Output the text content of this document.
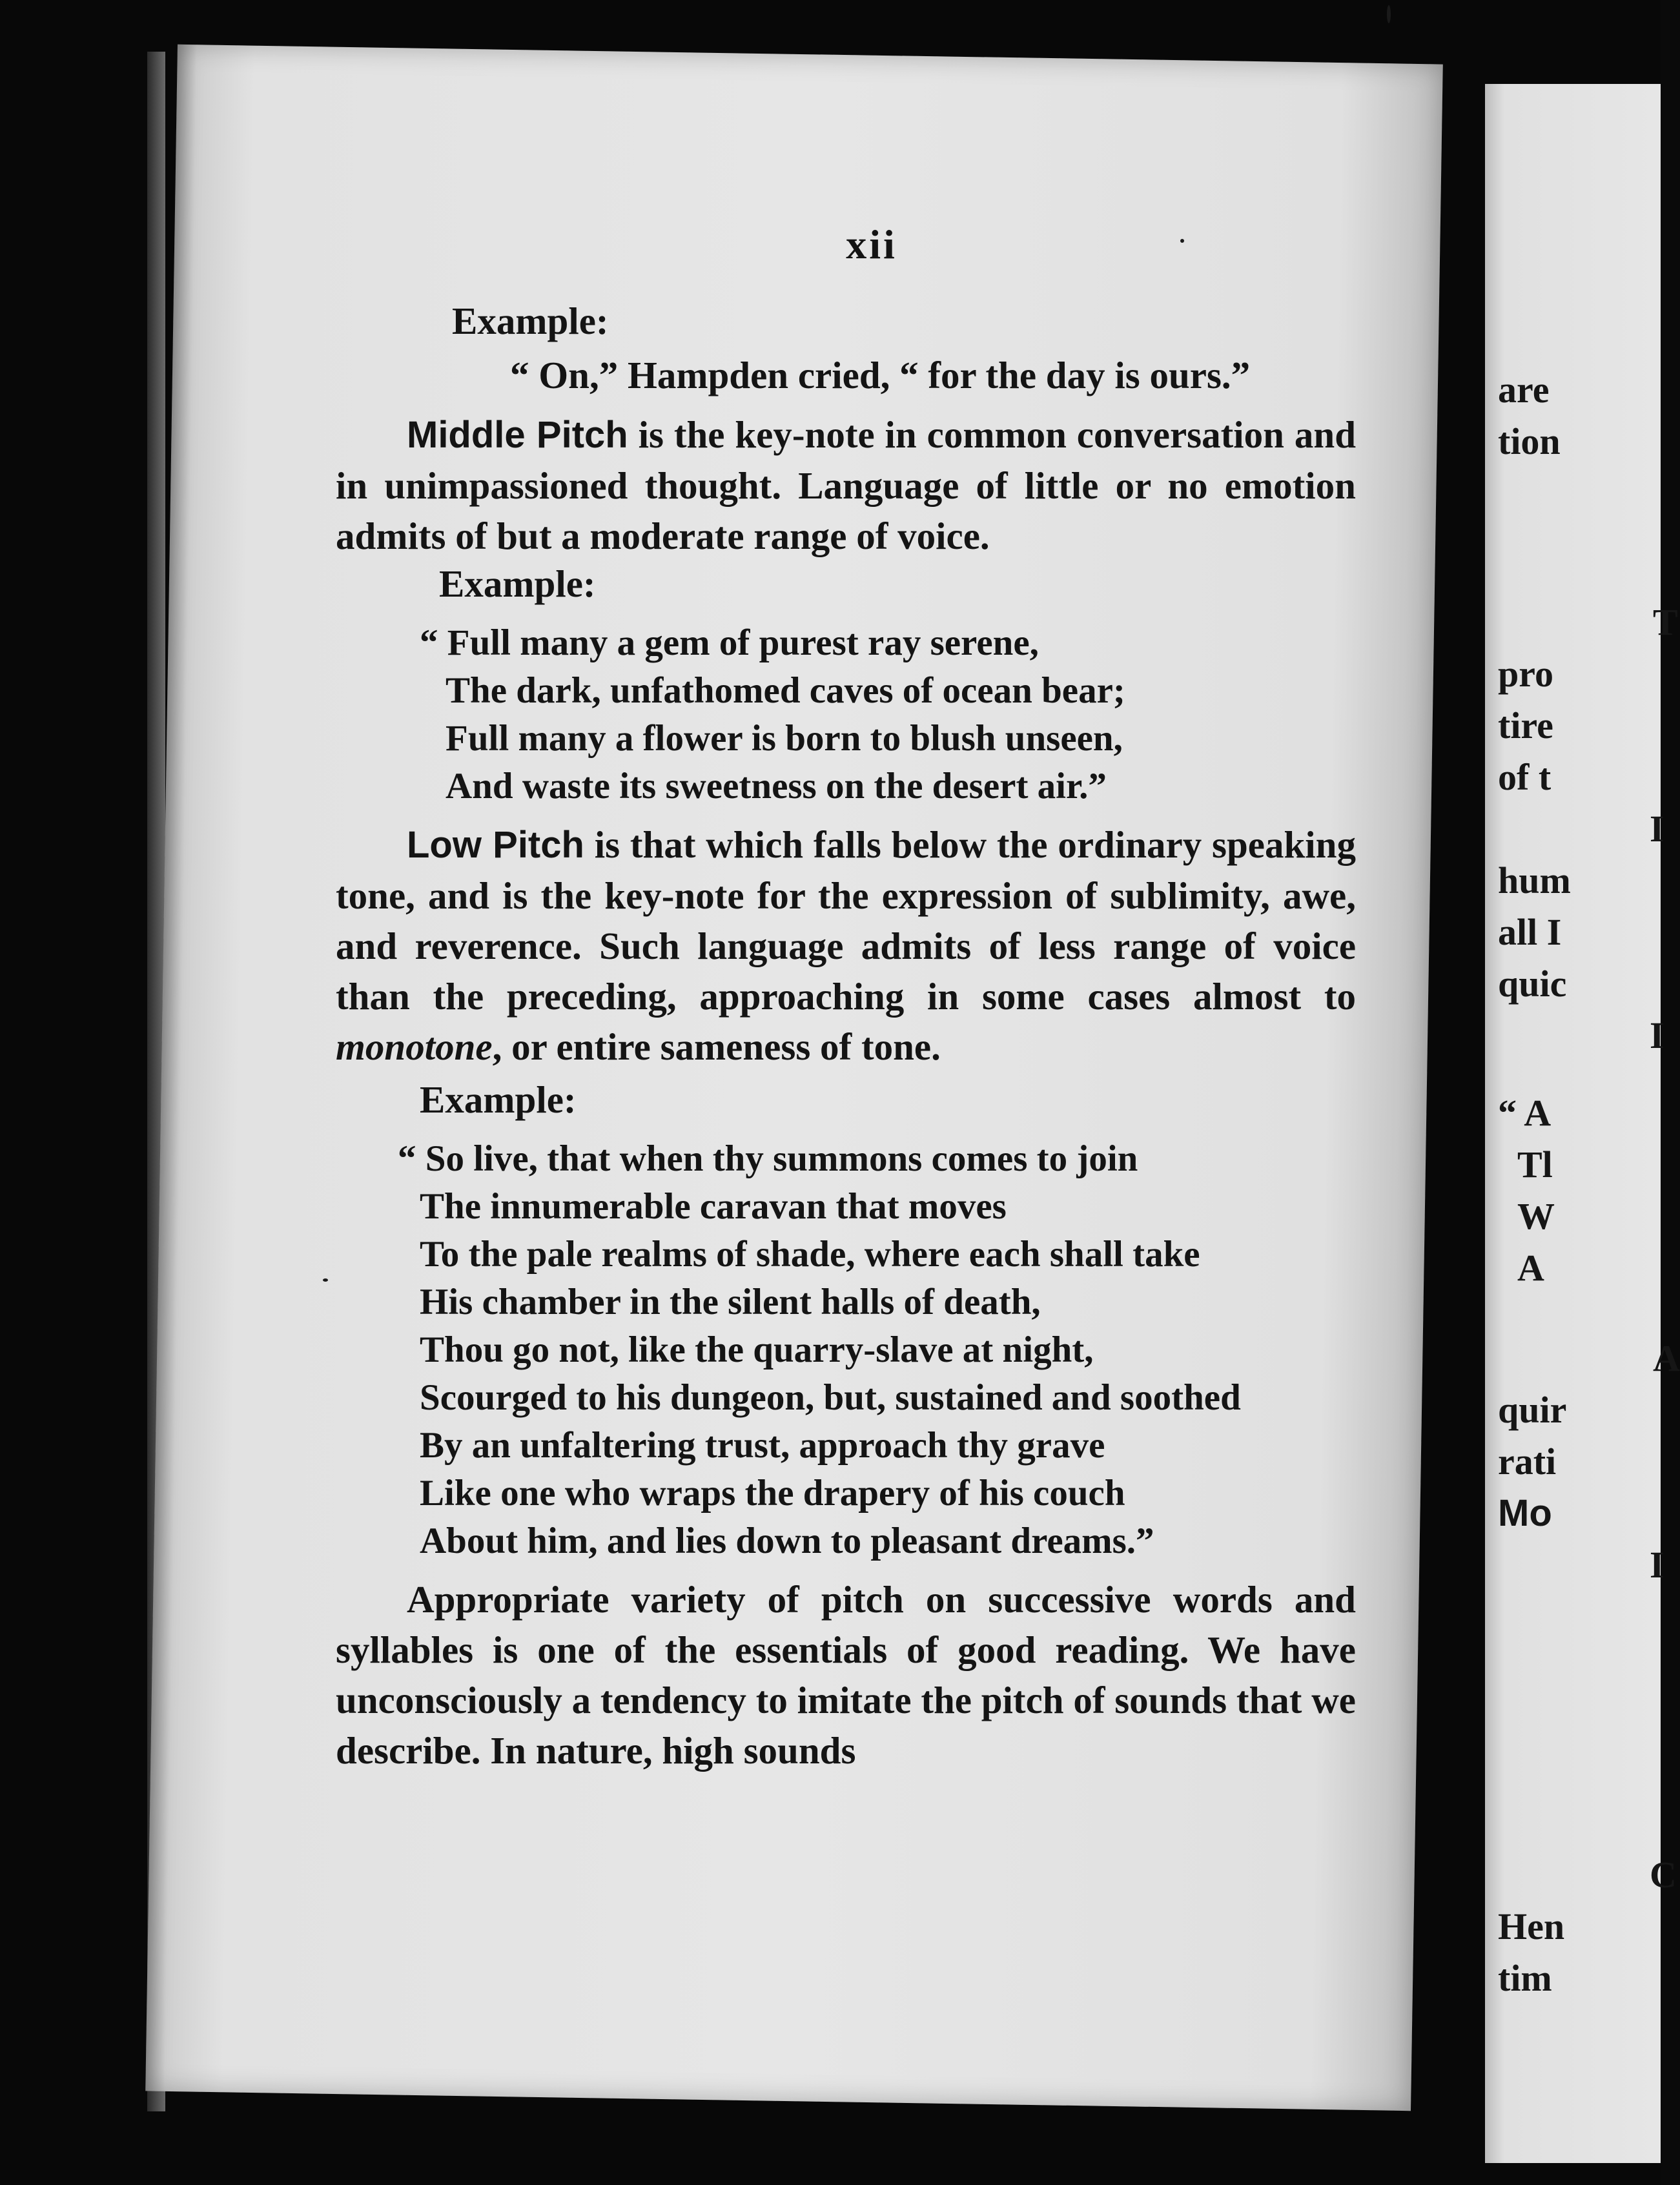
are
tion
T
pro
tire
of t
I
hum
all I
quic
I
“ A
Tl
W
A
A
quir
rati
Mo
I
C
Hen
tim
xii
Example:
“ On,” Hampden cried, “ for the day is ours.”

Middle Pitch is the key-note in common conversation and in unimpassioned thought. Language of little or no emotion admits of but a moderate range of voice.

Example:
“ Full many a gem of purest ray serene,
The dark, unfathomed caves of ocean bear;
Full many a flower is born to blush unseen,
And waste its sweetness on the desert air.”

Low Pitch is that which falls below the ordinary speaking tone, and is the key-note for the expression of sublimity, awe, and reverence. Such language admits of less range of voice than the preceding, approaching in some cases almost to monotone, or entire sameness of tone.

Example:
“ So live, that when thy summons comes to join
The innumerable caravan that moves
To the pale realms of shade, where each shall take
His chamber in the silent halls of death,
Thou go not, like the quarry-slave at night,
Scourged to his dungeon, but, sustained and soothed
By an unfaltering trust, approach thy grave
Like one who wraps the drapery of his couch
About him, and lies down to pleasant dreams.”

Appropriate variety of pitch on successive words and syllables is one of the essentials of good reading. We have unconsciously a tendency to imitate the pitch of sounds that we describe. In nature, high sounds
